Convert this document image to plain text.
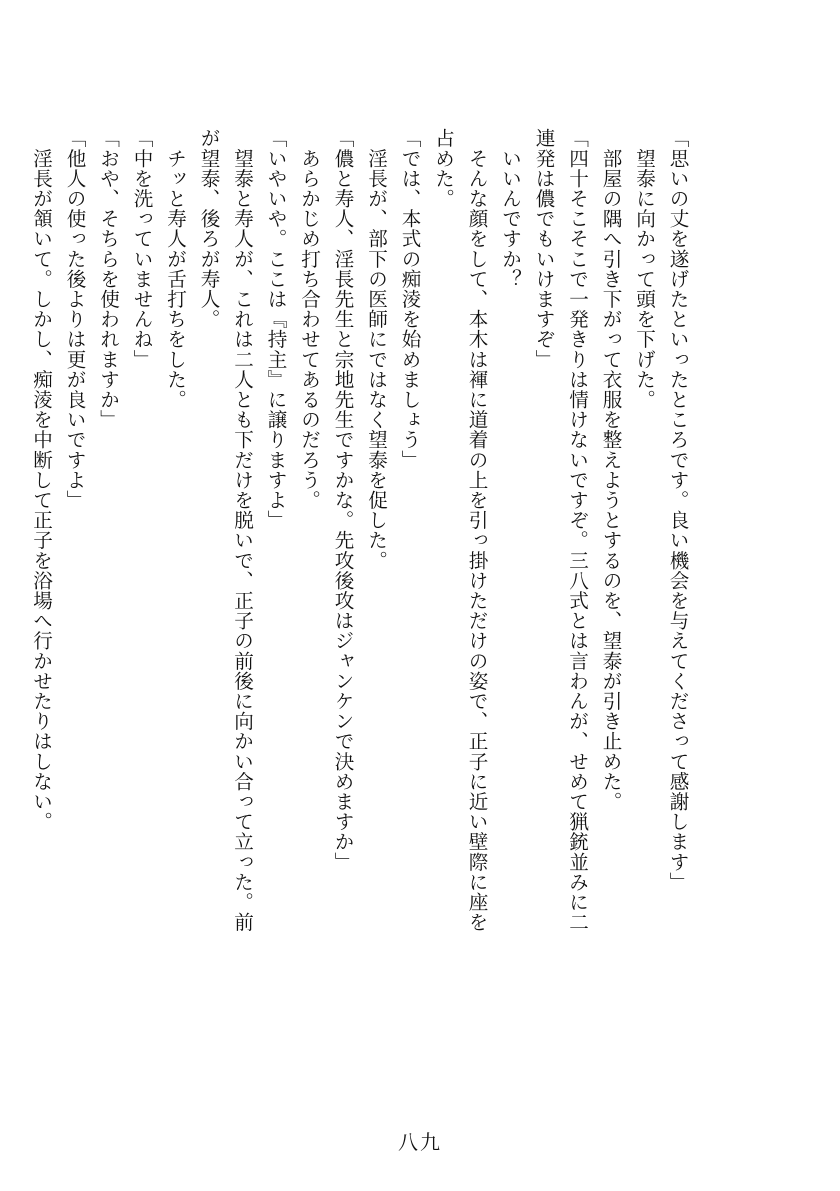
「思いの丈を遂げたといったところです。良い機会を与えてくださって感謝します」
　望泰に向かって頭を下げた。
　部屋の隅へ引き下がって衣服を整えようとするのを、望泰が引き止めた。
「四十そこそこで一発きりは情けないですぞ。三八式とは言わんが、せめて猟銃並みに二
連発は儂でもいけますぞ」
　いいんですか？
　そんな顔をして、本木は褌に道着の上を引っ掛けただけの姿で、正子に近い壁際に座を
占めた。
「では、本式の痴淩を始めましょう」
　淫長が、部下の医師にではなく望泰を促した。
「儂と寿人、淫長先生と宗地先生ですかな。先攻後攻はジャンケンで決めますか」
　あらかじめ打ち合わせてあるのだろう。
「いやいや。ここは『持主』に譲りますよ」
　望泰と寿人が、これは二人とも下だけを脱いで、正子の前後に向かい合って立った。前
が望泰、後ろが寿人。
　チッと寿人が舌打ちをした。
「中を洗っていませんね」
「おや、そちらを使われますか」
「他人の使った後よりは更が良いですよ」
　淫長が頷いて。しかし、痴淩を中断して正子を浴場へ行かせたりはしない。
八九
